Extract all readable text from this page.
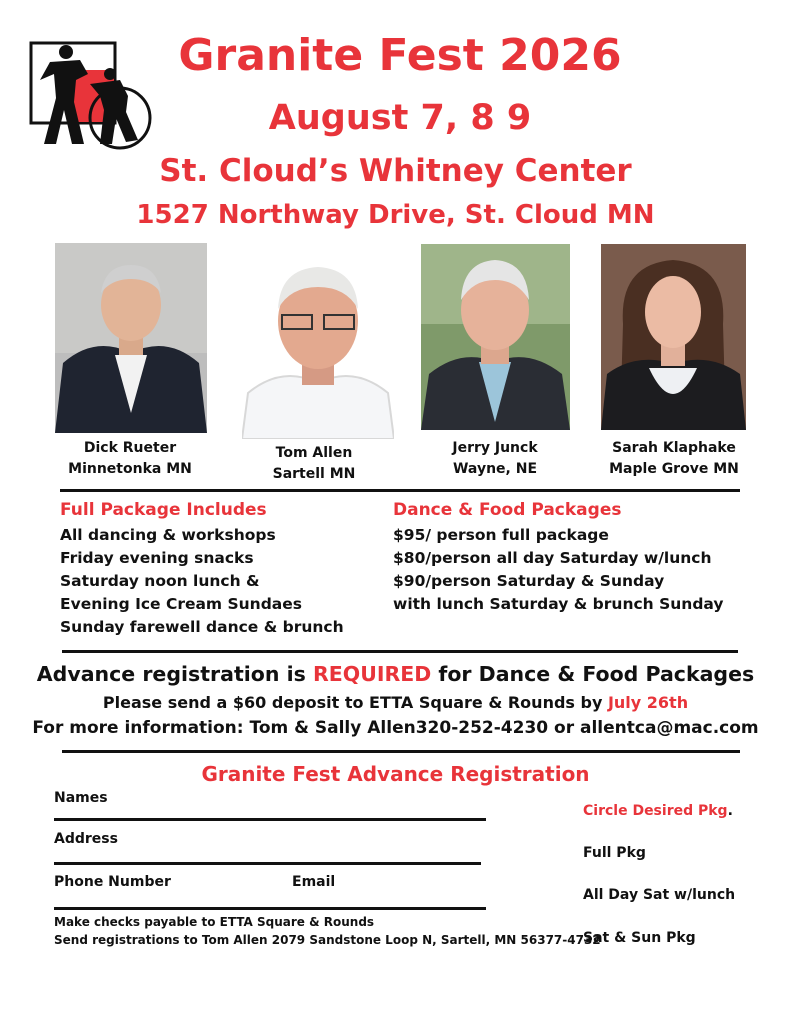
Granite Fest 2026
August 7, 8 9
St. Cloud’s Whitney Center
1527 Northway Drive, St. Cloud MN
Dick Rueter
Minnetonka MN
Tom Allen
Sartell MN
Jerry Junck
Wayne, NE
Sarah Klaphake
Maple Grove MN
Full Package Includes
All dancing & workshops
Friday evening snacks
Saturday noon lunch &
Evening Ice Cream Sundaes
Sunday farewell dance & brunch
Dance & Food Packages
$95/ person full package
$80/person all day Saturday w/lunch
$90/person Saturday & Sunday
with lunch Saturday & brunch Sunday
Advance registration is REQUIRED for Dance & Food Packages
Please send a $60 deposit to ETTA Square & Rounds by July 26th
For more information: Tom & Sally Allen320-252-4230 or allentca@mac.com
Granite Fest Advance Registration
Names
Address
Phone Number	Email
Make checks payable to ETTA Square & Rounds
Send registrations to Tom Allen 2079 Sandstone Loop N, Sartell, MN 56377-4732
Circle Desired Pkg.
Full Pkg
All Day Sat w/lunch
Sat & Sun Pkg
